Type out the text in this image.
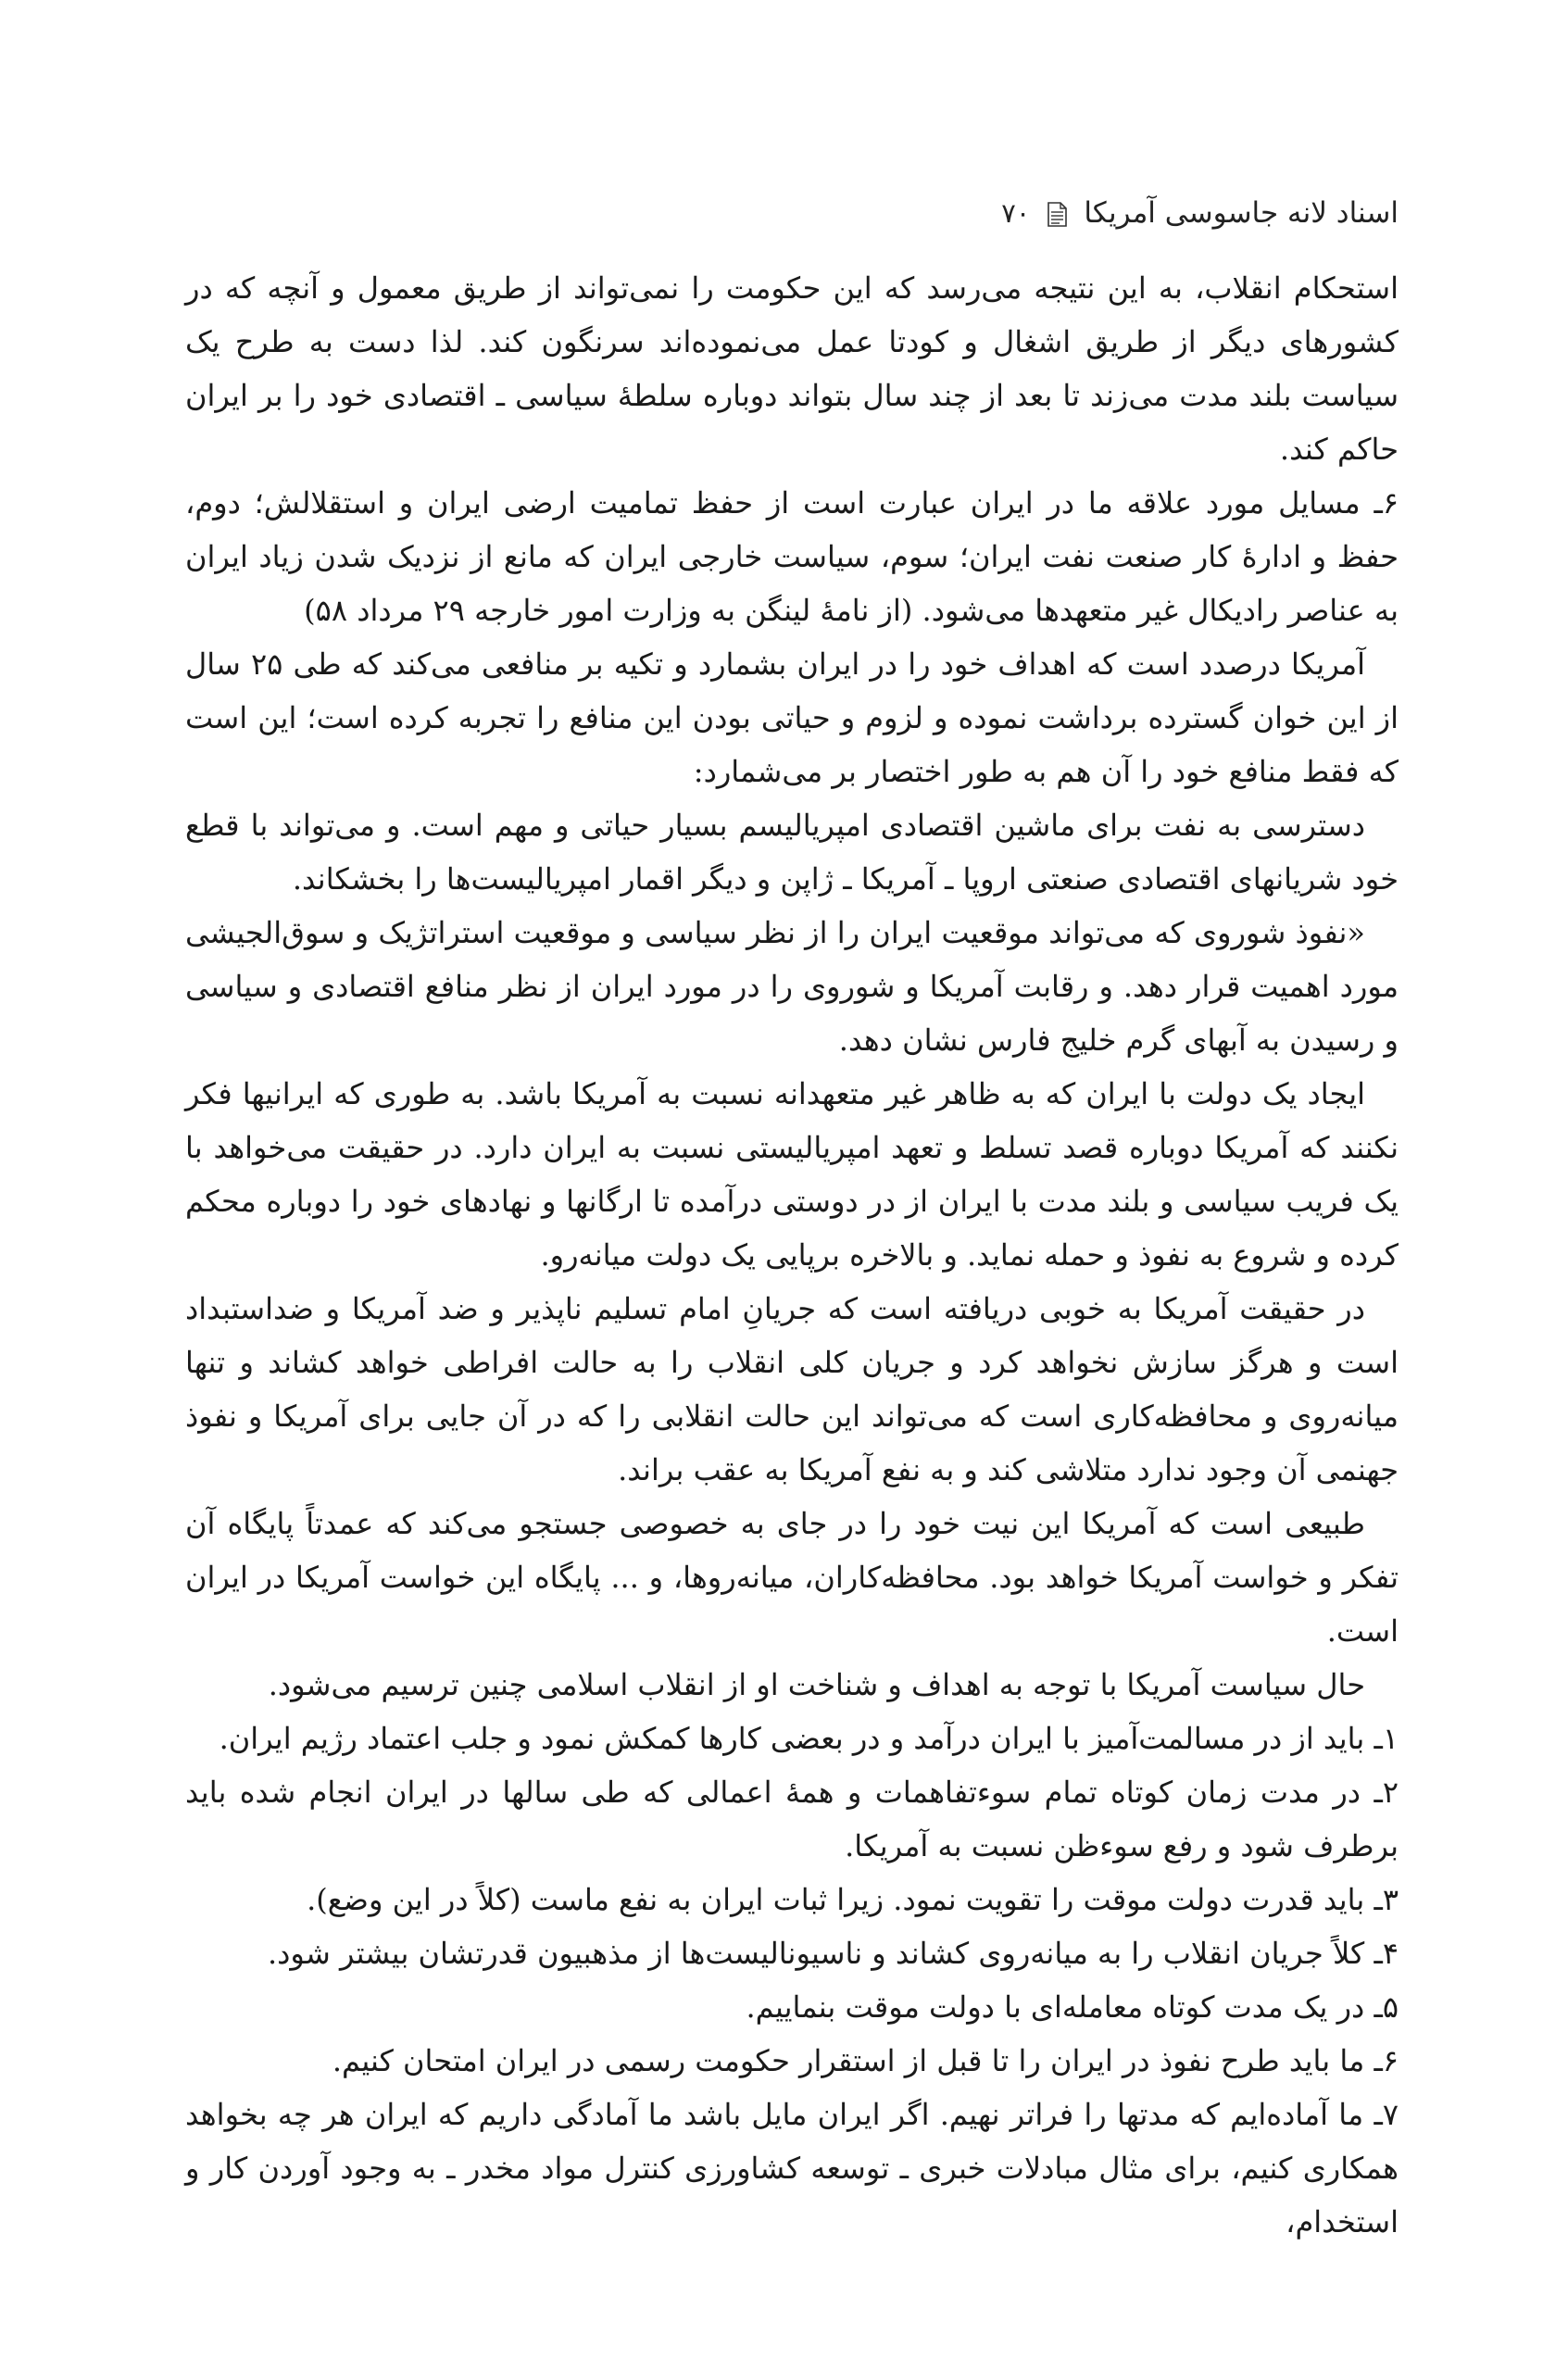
اسناد لانه جاسوسی آمریکا
۷۰

استحکام انقلاب، به این نتیجه می‌رسد که این حکومت را نمی‌تواند از طریق معمول و آنچه که در کشورهای دیگر از طریق اشغال و کودتا عمل می‌نموده‌اند سرنگون کند. لذا دست به طرح یک سیاست بلند مدت می‌زند تا بعد از چند سال بتواند دوباره سلطهٔ سیاسی ـ اقتصادی خود را بر ایران حاکم کند.

۶ـ مسایل مورد علاقه ما در ایران عبارت است از حفظ تمامیت ارضی ایران و استقلالش؛ دوم، حفظ و ادارهٔ کار صنعت نفت ایران؛ سوم، سیاست خارجی ایران که مانع از نزدیک شدن زیاد ایران به عناصر رادیکال غیر متعهدها می‌شود. (از نامهٔ لینگن به وزارت امور خارجه ۲۹ مرداد ۵۸)

آمریکا درصدد است که اهداف خود را در ایران بشمارد و تکیه بر منافعی می‌کند که طی ۲۵ سال از این خوان گسترده برداشت نموده و لزوم و حیاتی بودن این منافع را تجربه کرده است؛ این است که فقط منافع خود را آن هم به طور اختصار بر می‌شمارد:

دسترسی به نفت برای ماشین اقتصادی امپریالیسم بسیار حیاتی و مهم است. و می‌تواند با قطع خود شریانهای اقتصادی صنعتی اروپا ـ آمریکا ـ ژاپن و دیگر اقمار امپریالیست‌ها را بخشکاند.

«نفوذ شوروی که می‌تواند موقعیت ایران را از نظر سیاسی و موقعیت استراتژیک و سوق‌الجیشی مورد اهمیت قرار دهد. و رقابت آمریکا و شوروی را در مورد ایران از نظر منافع اقتصادی و سیاسی و رسیدن به آبهای گرم خلیج فارس نشان دهد.

ایجاد یک دولت با ایران که به ظاهر غیر متعهدانه نسبت به آمریکا باشد. به طوری که ایرانیها فکر نکنند که آمریکا دوباره قصد تسلط و تعهد امپریالیستی نسبت به ایران دارد. در حقیقت می‌خواهد با یک فریب سیاسی و بلند مدت با ایران از در دوستی درآمده تا ارگانها و نهادهای خود را دوباره محکم کرده و شروع به نفوذ و حمله نماید. و بالاخره برپایی یک دولت میانه‌رو.

در حقیقت آمریکا به خوبی دریافته است که جریانِ امام تسلیم ناپذیر و ضد آمریکا و ضداستبداد است و هرگز سازش نخواهد کرد و جریان کلی انقلاب را به حالت افراطی خواهد کشاند و تنها میانه‌روی و محافظه‌کاری است که می‌تواند این حالت انقلابی را که در آن جایی برای آمریکا و نفوذ جهنمی آن وجود ندارد متلاشی کند و به نفع آمریکا به عقب براند.

طبیعی است که آمریکا این نیت خود را در جای به خصوصی جستجو می‌کند که عمدتاً پایگاه آن تفکر و خواست آمریکا خواهد بود. محافظه‌کاران، میانه‌روها، و ... پایگاه این خواست آمریکا در ایران است.

حال سیاست آمریکا با توجه به اهداف و شناخت او از انقلاب اسلامی چنین ترسیم می‌شود.

۱ـ باید از در مسالمت‌آمیز با ایران درآمد و در بعضی کارها کمکش نمود و جلب اعتماد رژیم ایران.

۲ـ در مدت زمان کوتاه تمام سوءتفاهمات و همهٔ اعمالی که طی سالها در ایران انجام شده باید برطرف شود و رفع سوءظن نسبت به آمریکا.

۳ـ باید قدرت دولت موقت را تقویت نمود. زیرا ثبات ایران به نفع ماست (کلاً در این وضع).

۴ـ کلاً جریان انقلاب را به میانه‌روی کشاند و ناسیونالیست‌ها از مذهبیون قدرتشان بیشتر شود.

۵ـ در یک مدت کوتاه معامله‌ای با دولت موقت بنماییم.

۶ـ ما باید طرح نفوذ در ایران را تا قبل از استقرار حکومت رسمی در ایران امتحان کنیم.

۷ـ ما آماده‌ایم که مدتها را فراتر نهیم. اگر ایران مایل باشد ما آمادگی داریم که ایران هر چه بخواهد همکاری کنیم، برای مثال مبادلات خبری ـ توسعه کشاورزی کنترل مواد مخدر ـ به وجود آوردن کار و استخدام،
